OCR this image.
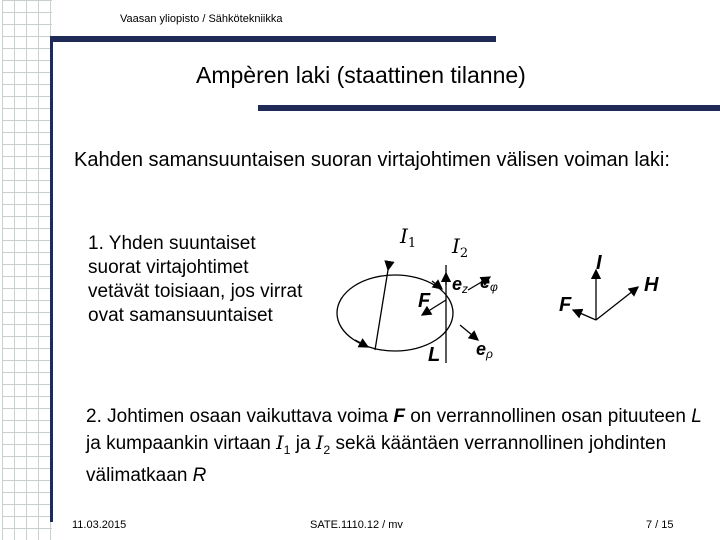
Vaasan yliopisto / Sähkötekniikka
Ampèren laki (staattinen tilanne)
Kahden samansuuntaisen suoran virtajohtimen välisen voiman laki:
1. Yhden suuntaiset suorat virtajohtimet vetävät toisiaan, jos virrat ovat samansuuntaiset
$I_1$ $I_2$
ez eφ
eρ
F
L
I
H
F
2. Johtimen osaan vaikuttava voima F on verrannollinen osan pituuteen L ja kumpaankin virtaan $I_1$ ja $I_2$ sekä kääntäen verrannollinen johdinten välimatkaan R
11.03.2015	SATE.1110.12 / mv	7 / 15
